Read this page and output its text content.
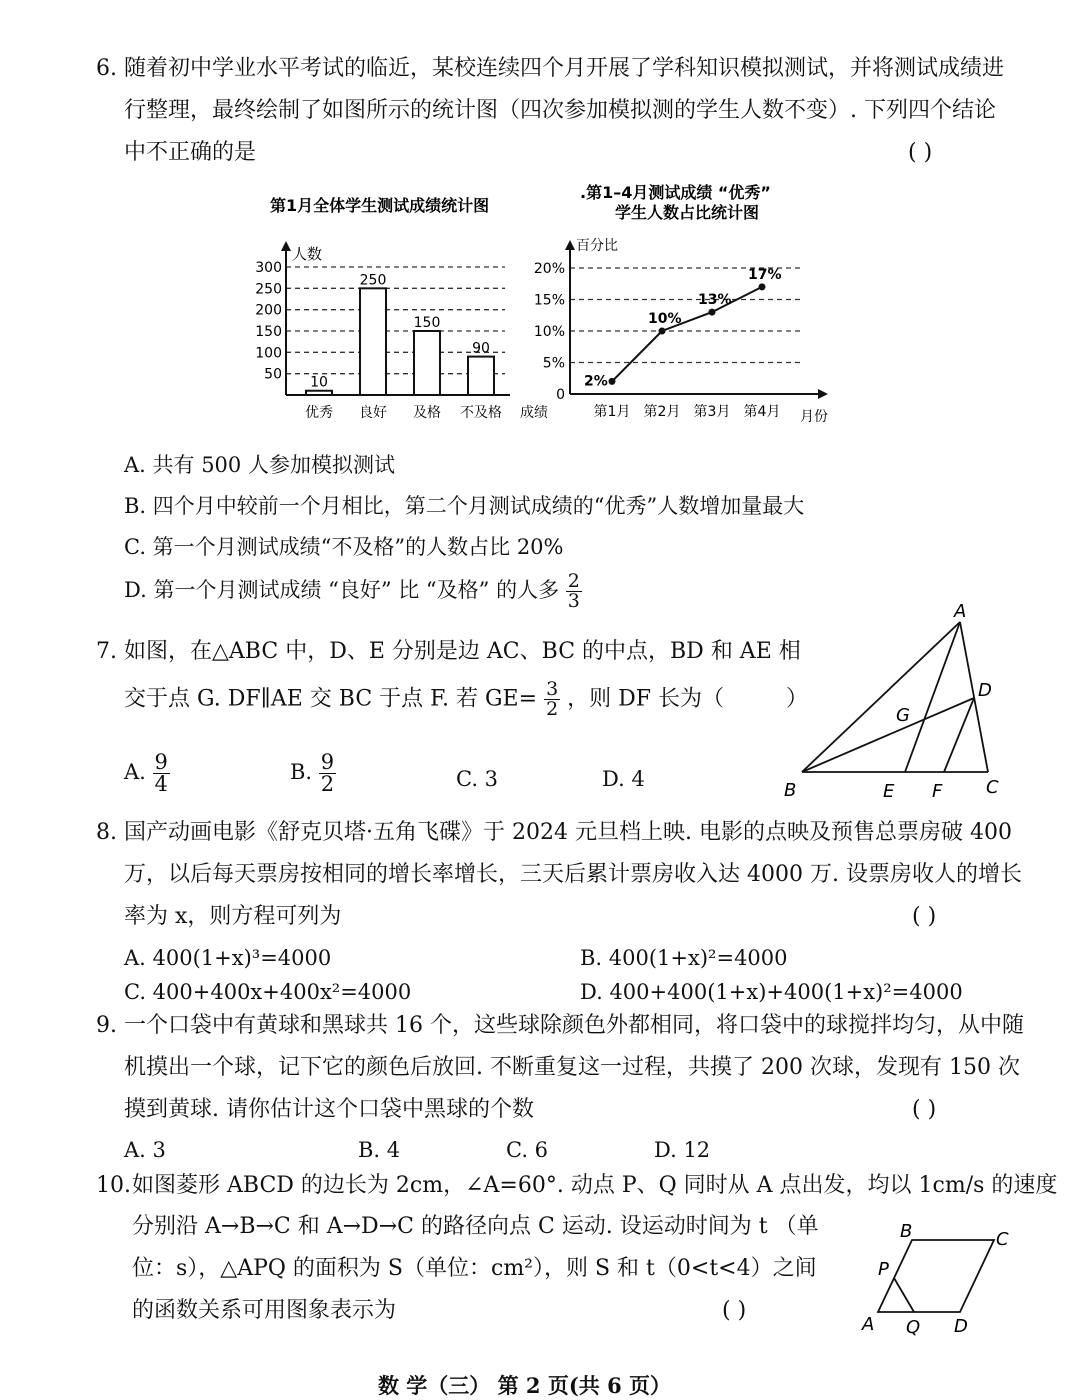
6. 随着初中学业水平考试的临近，某校连续四个月开展了学科知识模拟测试，并将测试成绩进
行整理，最终绘制了如图所示的统计图（四次参加模拟测的学生人数不变）. 下列四个结论
中不正确的是	( )
第1月全体学生测试成绩统计图
人数
50
100
150
200
250
300
10
优秀
250
良好
150
及格
90
不及格 成绩
.第1–4月测试成绩 “优秀”
学生人数占比统计图
百分比
0
5%
10%
15%
20%
2%
第1月
10%
第2月
13%
第3月
17%
第4月 月份
A. 共有 500 人参加模拟测试
B. 四个月中较前一个月相比，第二个月测试成绩的“优秀”人数增加量最大
C. 第一个月测试成绩“不及格”的人数占比 20%
D. 第一个月测试成绩 “良好” 比 “及格” 的人多 $\frac{2}{3}$
7. 如图，在△ABC 中，D、E 分别是边 AC、BC 的中点，BD 和 AE 相
交于点 G. DF∥AE 交 BC 于点 F. 若 $GE= \frac{3}{2}$ ，则 DF 长为（	）
A. $\frac{9}{4}$	B. $\frac{9}{2}$	C. 3	D. 4
A
B	C
D
E F
G
8. 国产动画电影《舒克贝塔·五角飞碟》于 2024 元旦档上映. 电影的点映及预售总票房破 400
万，以后每天票房按相同的增长率增长，三天后累计票房收入达 4000 万. 设票房收人的增长
率为 x，则方程可列为	( )
A. 400(1+x)³=4000	B. 400(1+x)²=4000
C. 400+400x+400x²=4000	D. 400+400(1+x)+400(1+x)²=4000
9. 一个口袋中有黄球和黑球共 16 个，这些球除颜色外都相同，将口袋中的球搅拌均匀，从中随
机摸出一个球，记下它的颜色后放回. 不断重复这一过程，共摸了 200 次球，发现有 150 次
摸到黄球. 请你估计这个口袋中黑球的个数	( )
A. 3	B. 4	C. 6	D. 12
10. 如图菱形 ABCD 的边长为 2cm，∠A=60°. 动点 P、Q 同时从 A 点出发，均以 1cm/s 的速度
分别沿 A→B→C 和 A→D→C 的路径向点 C 运动. 设运动时间为 t （单
位：s），△APQ 的面积为 S（单位：cm²），则 S 和 t（0<t<4）之间
的函数关系可用图象表示为	( )
A
B	C
D
P
Q
数 学（三） 第 2 页(共 6 页）
